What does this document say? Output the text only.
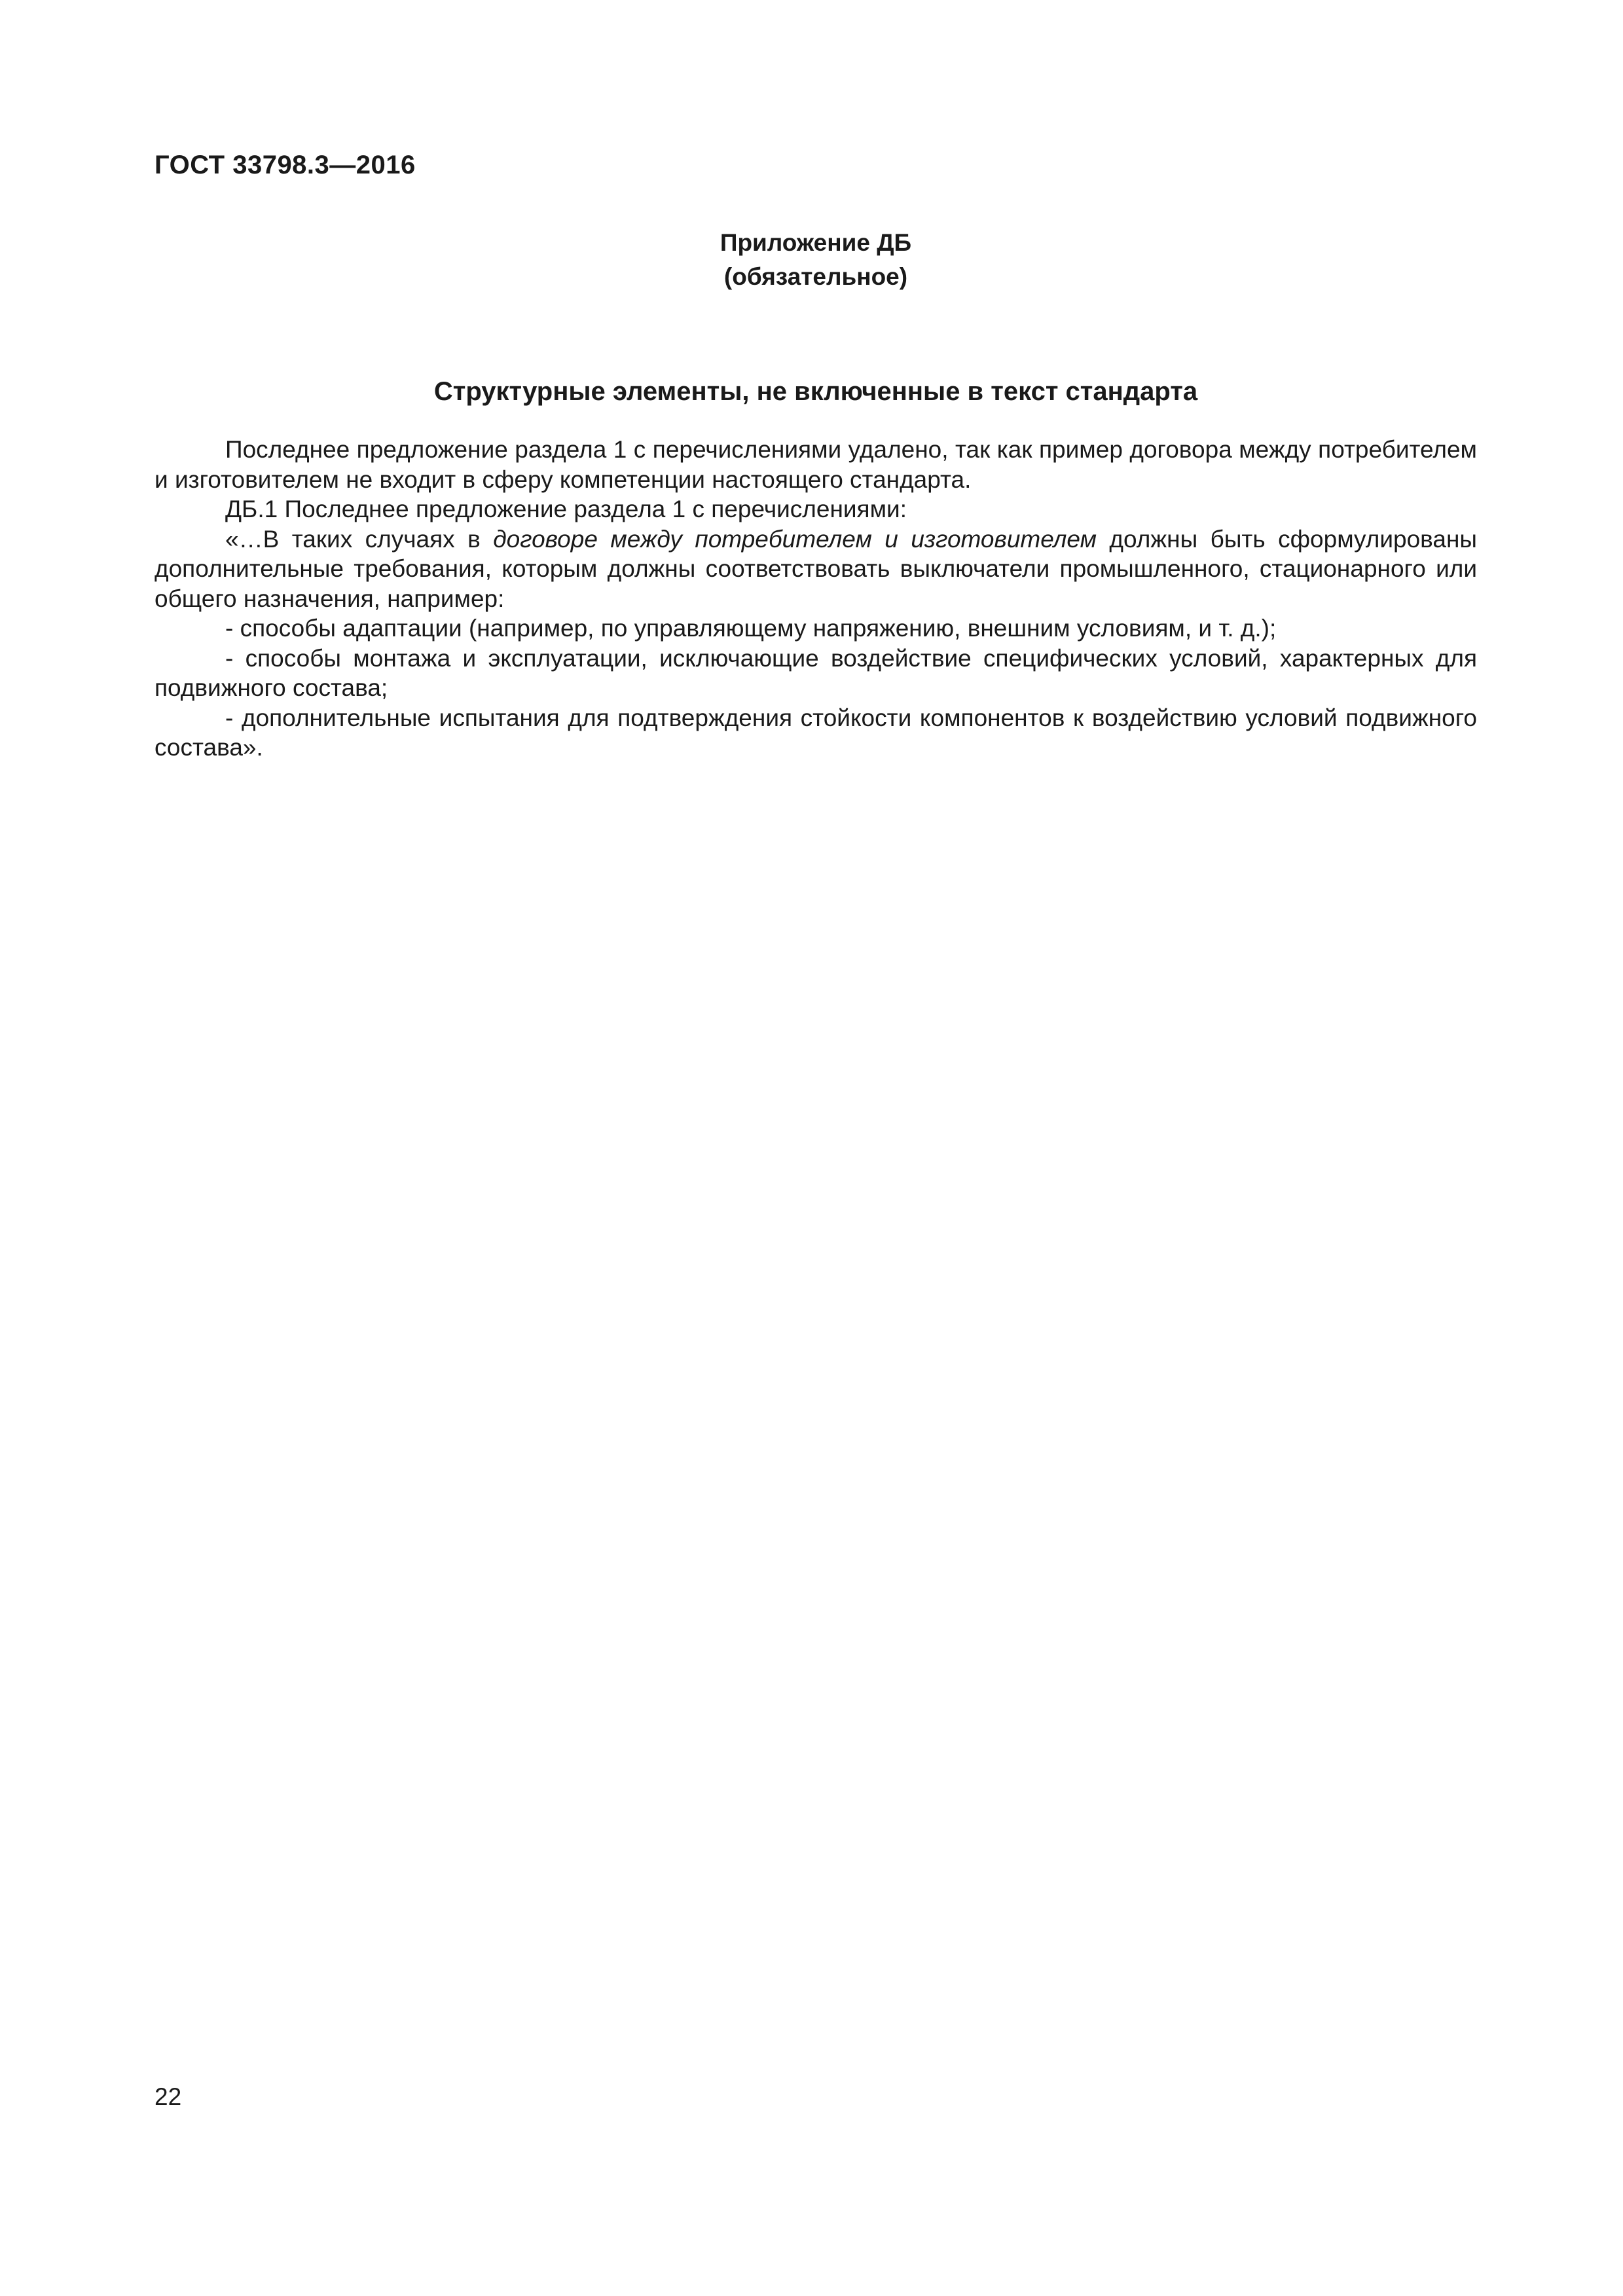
ГОСТ 33798.3—2016
Приложение ДБ
(обязательное)
Структурные элементы, не включенные в текст стандарта

Последнее предложение раздела 1 с перечислениями удалено, так как пример договора между потребителем и изготовителем не входит в сферу компетенции настоящего стандарта.

ДБ.1 Последнее предложение раздела 1 с перечислениями:

«…В таких случаях в договоре между потребителем и изготовителем должны быть сформулированы дополнительные требования, которым должны соответствовать выключатели промышленного, стационарного или общего назначения, например:

- способы адаптации (например, по управляющему напряжению, внешним условиям, и т. д.);

- способы монтажа и эксплуатации, исключающие воздействие специфических условий, характерных для подвижного состава;

- дополнительные испытания для подтверждения стойкости компонентов к воздействию условий подвижного состава».

22
